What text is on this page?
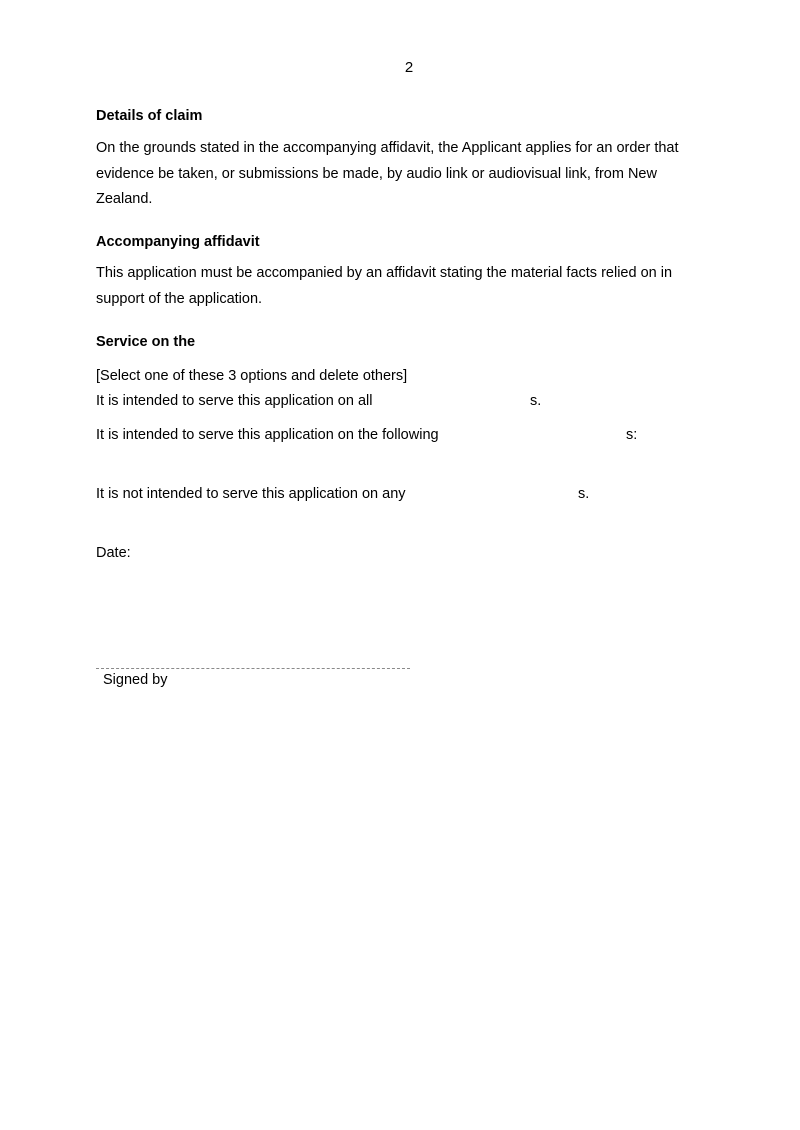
2
Details of claim
On the grounds stated in the accompanying affidavit, the Applicant applies for an order that evidence be taken, or submissions be made, by audio link or audiovisual link, from New Zealand.
Accompanying affidavit
This application must be accompanied by an affidavit stating the material facts relied on in support of the application.
Service on the
[Select one of these 3 options and delete others]
It is intended to serve this application on all	s.
It is intended to serve this application on the following	s:
It is not intended to serve this application on any	s.
Date:
Signed by
